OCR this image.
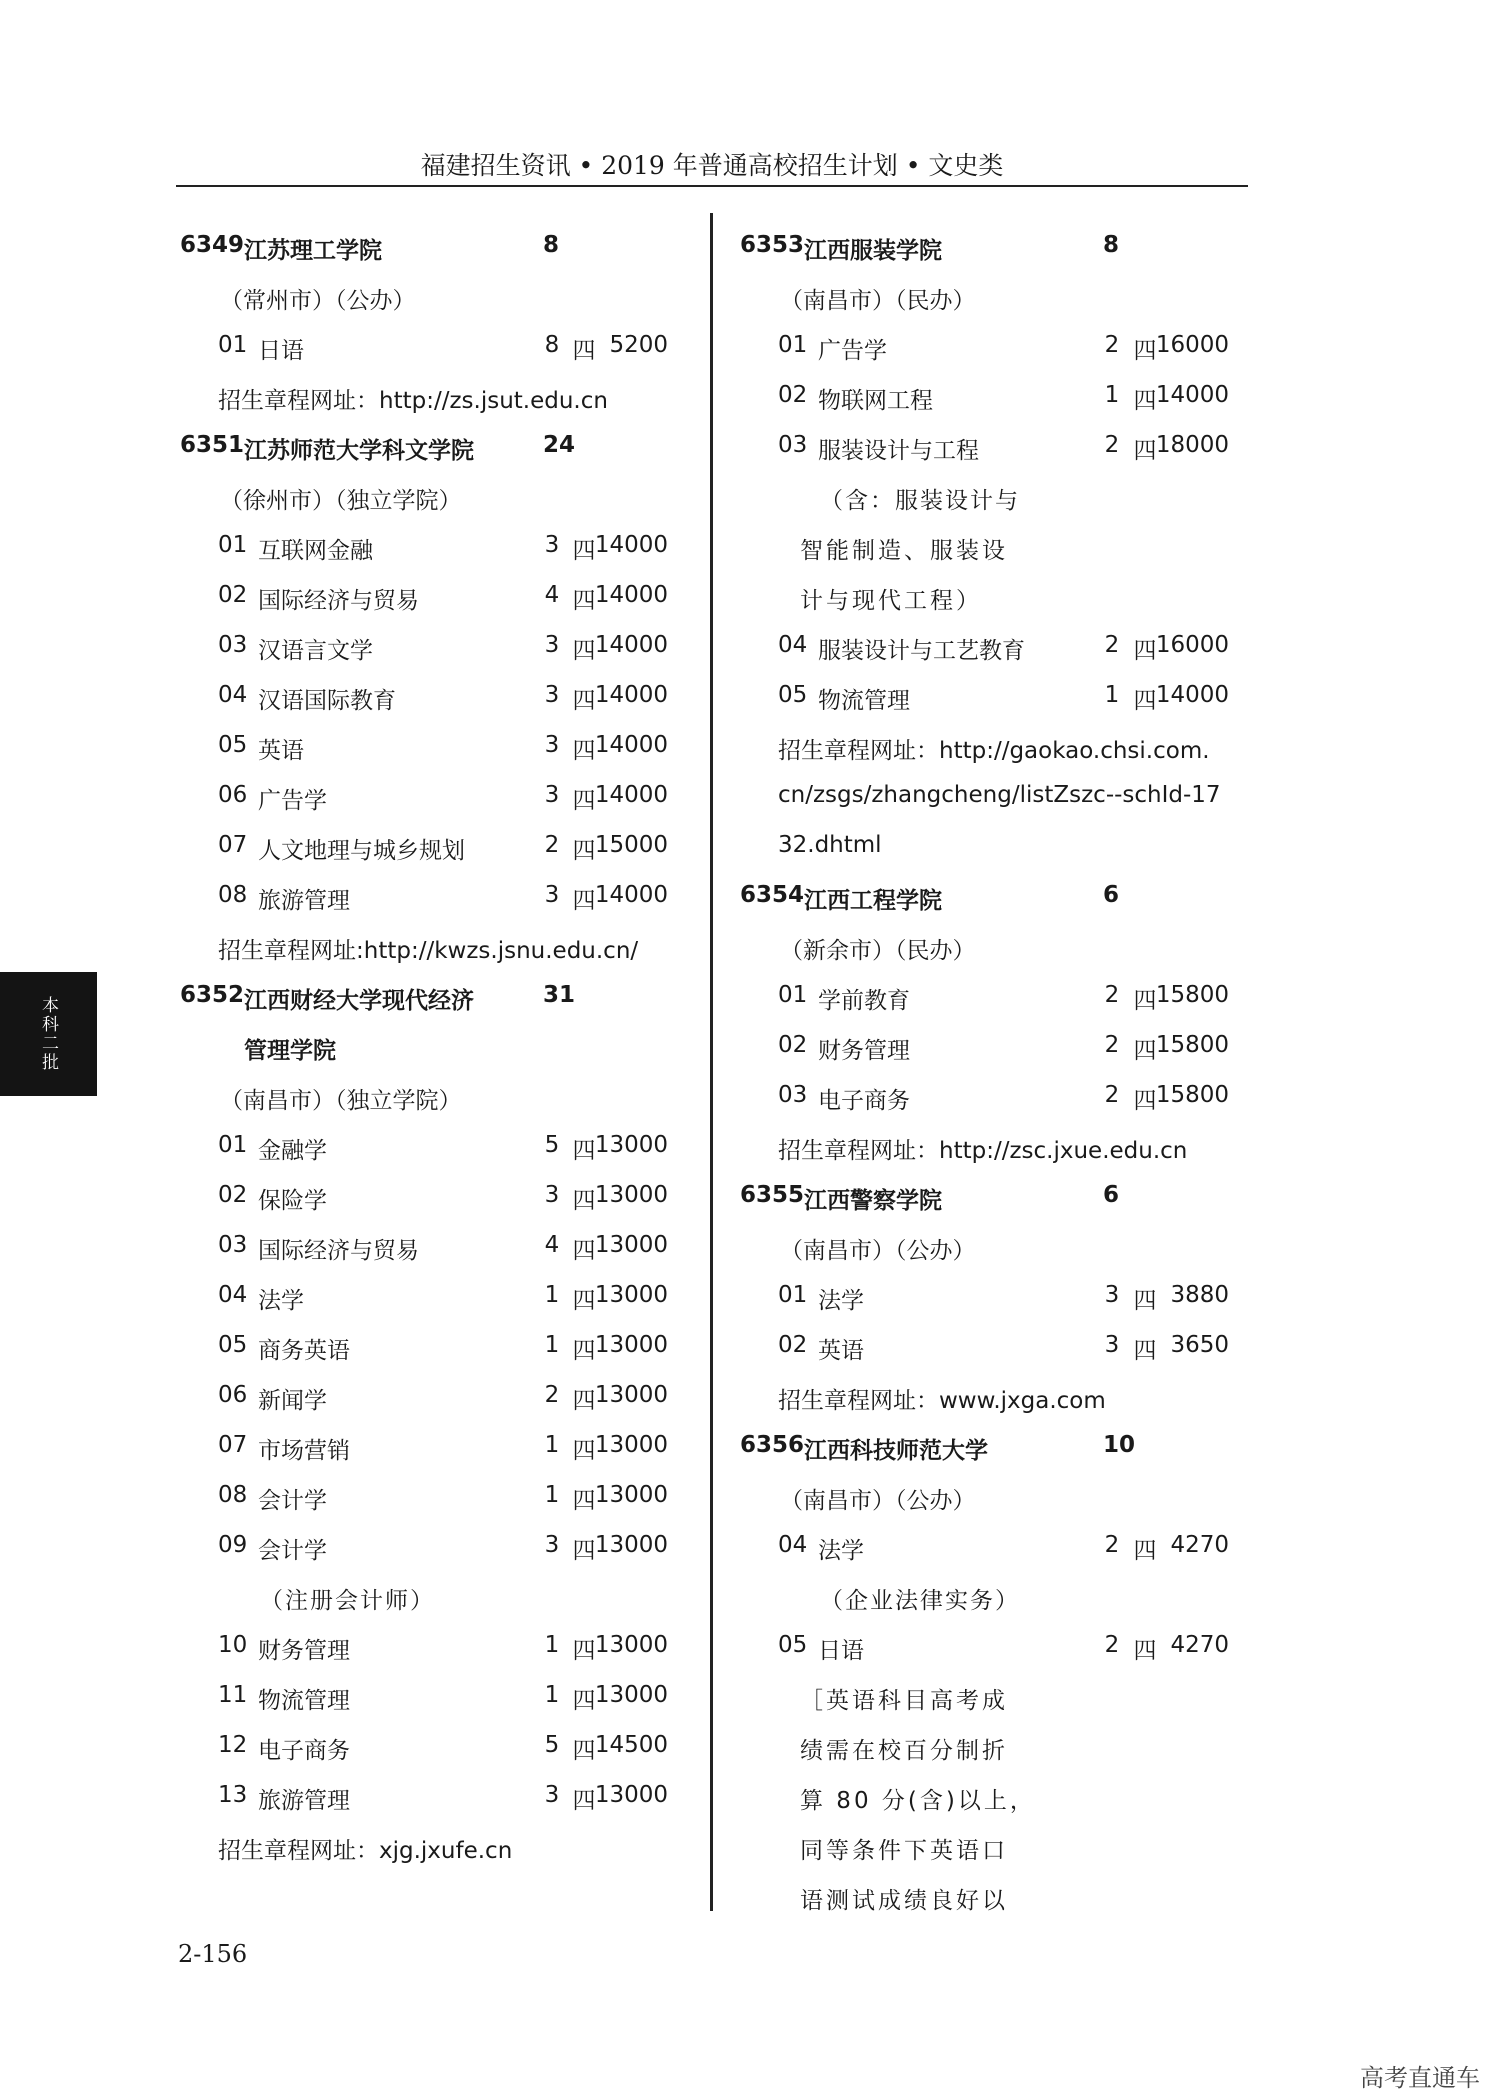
福建招生资讯 • 2019 年普通高校招生计划 • 文史类
6349 江苏理工学院	8
（常州市）（公办）
01 日语	8 四 5200
招生章程网址：http://zs.jsut.edu.cn
6351 江苏师范大学科文学院	24
（徐州市）（独立学院）
01 互联网金融	3 四 14000
02 国际经济与贸易	4 四 14000
03 汉语言文学	3 四 14000
04 汉语国际教育	3 四 14000
05 英语	3 四 14000
06 广告学	3 四 14000
07 人文地理与城乡规划	2 四 15000
08 旅游管理	3 四 14000
招生章程网址:http://kwzs.jsnu.edu.cn/
6352 江西财经大学现代经济	31
管理学院
（南昌市）（独立学院）
01 金融学	5 四 13000
02 保险学	3 四 13000
03 国际经济与贸易	4 四 13000
04 法学	1 四 13000
05 商务英语	1 四 13000
06 新闻学	2 四 13000
07 市场营销	1 四 13000
08 会计学	1 四 13000
09 会计学	3 四 13000
（注册会计师）
10 财务管理	1 四 13000
11 物流管理	1 四 13000
12 电子商务	5 四 14500
13 旅游管理	3 四 13000
招生章程网址：xjg.jxufe.cn
6353 江西服装学院	8
（南昌市）（民办）
01 广告学	2 四 16000
02 物联网工程	1 四 14000
03 服装设计与工程	2 四 18000
（含：服装设计与
智能制造、服装设
计与现代工程）
04 服装设计与工艺教育	2 四 16000
05 物流管理	1 四 14000
招生章程网址：http://gaokao.chsi.com.
cn/zsgs/zhangcheng/listZszc--schId-17
32.dhtml
6354 江西工程学院	6
（新余市）（民办）
01 学前教育	2 四 15800
02 财务管理	2 四 15800
03 电子商务	2 四 15800
招生章程网址：http://zsc.jxue.edu.cn
6355 江西警察学院	6
（南昌市）（公办）
01 法学	3 四 3880
02 英语	3 四 3650
招生章程网址：www.jxga.com
6356 江西科技师范大学	10
（南昌市）（公办）
04 法学	2 四 4270
（企业法律实务）
05 日语	2 四 4270
［英语科目高考成
绩需在校百分制折
算 80 分(含)以上，
同等条件下英语口
语测试成绩良好以
本科二批
2-156
高考直通车
